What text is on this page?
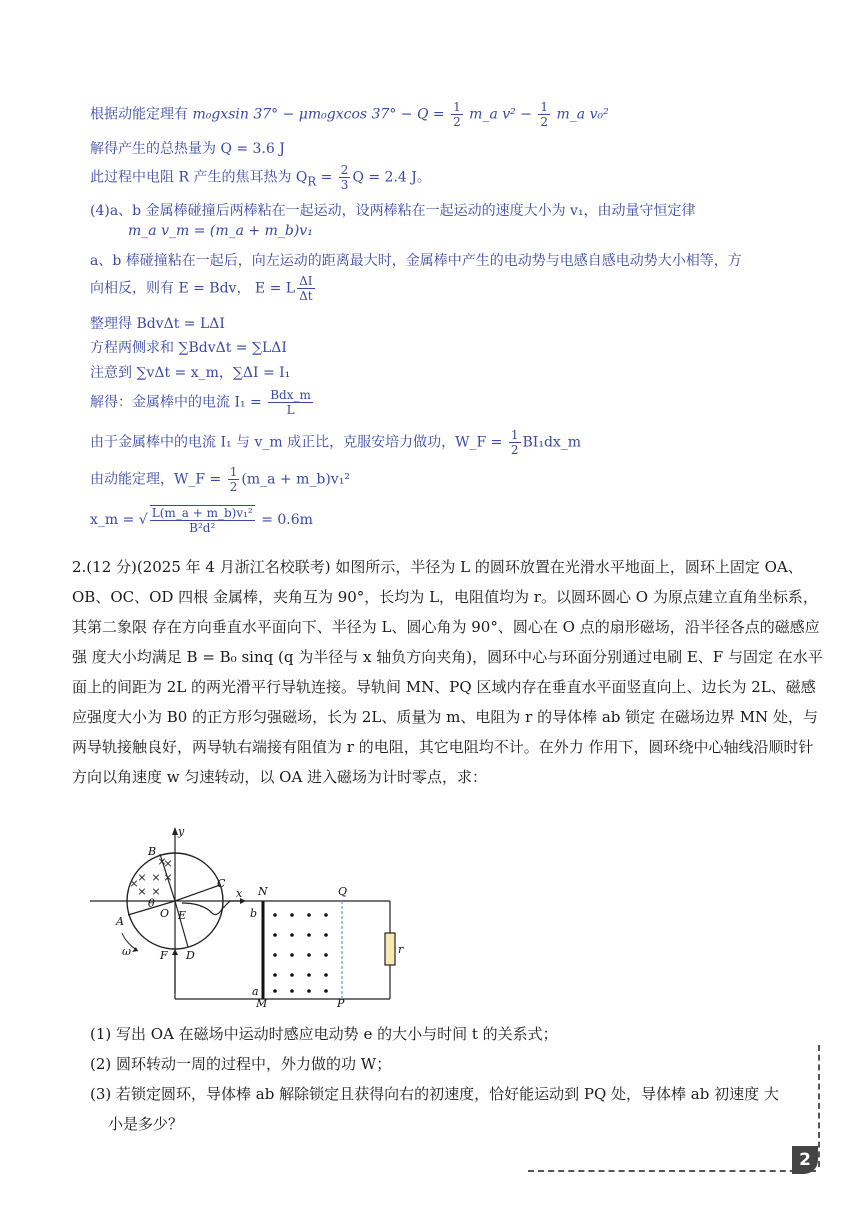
根据动能定理有 m₀gxsin 37° − μm₀gxcos $37^\circ - Q = \frac{1}{2}$ m_a $v^2 - \frac{1}{2}$ m_a v₀²
解得产生的总热量为 Q = 3.6 J
此过程中电阻 R 产生的焦耳热为 $Q_R = \frac{2}{3}$ Q = 2.4 J。
(4)a、b 金属棒碰撞后两棒粘在一起运动，设两棒粘在一起运动的速度大小为 v₁，由动量守恒定律
m_a v_m = (m_a + m_b)v₁
a、b 棒碰撞粘在一起后，向左运动的距离最大时，金属棒中产生的电动势与电感自感电动势大小相等，方
向相反，则有 E = Bdv， E = L $\frac{\Delta I}{\Delta t}$
整理得 BdvΔt = LΔI
方程两侧求和 ∑BdvΔt = ∑LΔI
注意到 ∑vΔt = x_m，∑ΔI = I₁
解得：金属棒中的电流 $I_1 = \frac{\text{Bdx\_m}}{L}$
由于金属棒中的电流 I₁ 与 v_m 成正比，克服安培力做功，W_F = $\frac{1}{2}$ BI₁dx_m
由动能定理，W_F = $\frac{1}{2}$ (m_a + m_b)v₁²
x_m = √ $\frac{\text{L(m\_a + m\_b)v₁²}}{\text{B²d²}} = 0.6m$
2.(12 分)(2025 年 4 月浙江名校联考) 如图所示，半径为 L 的圆环放置在光滑水平地面上，圆环上固定 OA、OB、OC、OD 四根 金属棒，夹角互为 90°，长均为 L，电阻值均为 r。以圆环圆心 O 为原点建立直角坐标系，其第二象限 存在方向垂直水平面向下、半径为 L、圆心角为 90°、圆心在 O 点的扇形磁场，沿半径各点的磁感应强 度大小均满足 B = B₀ sinq (q 为半径与 x 轴负方向夹角)，圆环中心与环面分别通过电刷 E、F 与固定 在水平面上的间距为 2L 的两光滑平行导轨连接。导轨间 MN、PQ 区域内存在垂直水平面竖直向上、边长为 2L、磁感应强度大小为 B0 的正方形匀强磁场，长为 2L、质量为 m、电阻为 r 的导体棒 ab 锁定 在磁场边界 MN 处，与两导轨接触良好，两导轨右端接有阻值为 r 的电阻，其它电阻均不计。在外力 作用下，圆环绕中心轴线沿顺时针方向以角速度 w 匀速转动，以 OA 进入磁场为计时零点，求：
×
× × ×
× ×
×
×
y
x
B
C
O E
A
θ
ω	F D
N	Q
b
a
M	P
r
(1) 写出 OA 在磁场中运动时感应电动势 e 的大小与时间 t 的关系式；
(2) 圆环转动一周的过程中，外力做的功 W；
(3) 若锁定圆环，导体棒 ab 解除锁定且获得向右的初速度，恰好能运动到 PQ 处，导体棒 ab 初速度 大
小是多少？
2
